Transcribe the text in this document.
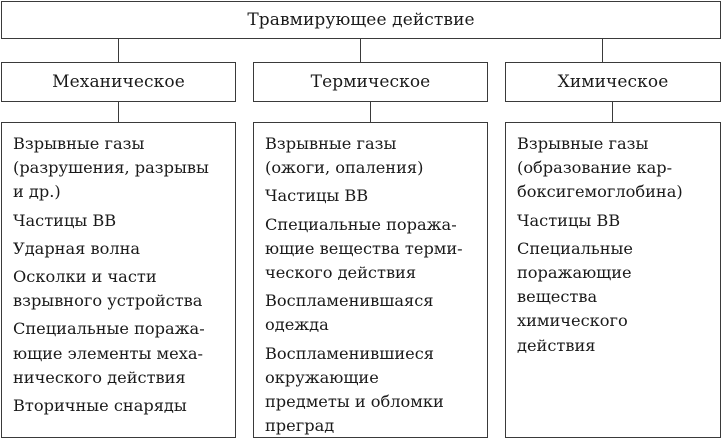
Травмирующее действие
Механическое	Термическое	Химическое
Взрывные газы
(разрушения, разрывы
и др.)
Частицы ВВ
Ударная волна
Осколки и части
взрывного устройства
Специальные поража-
ющие элементы меха-
нического действия
Вторичные снаряды
Взрывные газы
(ожоги, опаления)
Частицы ВВ
Специальные поража-
ющие вещества терми-
ческого действия
Воспламенившаяся
одежда
Воспламенившиеся
окружающие
предметы и обломки
преград
Взрывные газы
(образование кар-
боксигемоглобина)
Частицы ВВ
Специальные
поражающие
вещества
химического
действия
